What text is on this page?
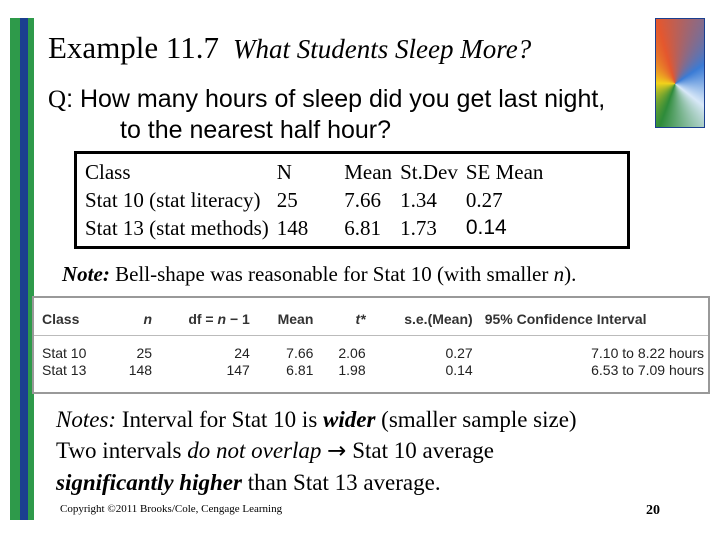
Example 11.7 What Students Sleep More?
Q: How many hours of sleep did you get last night,
to the nearest half hour?
Class	N	Mean	St.Dev	SE Mean
Stat 10 (stat literacy)	25	7.66	1.34	0.27
Stat 13 (stat methods)	148	6.81	1.73	0.14
Note: Bell-shape was reasonable for Stat 10 (with smaller n).
Class	n	df = n − 1	Mean	t*	s.e.(Mean)	95% Confidence Interval
Stat 10	25	24	7.66	2.06	0.27	7.10 to 8.22 hours
Stat 13	148	147	6.81	1.98	0.14	6.53 to 7.09 hours
Notes: Interval for Stat 10 is wider (smaller sample size)
Two intervals do not overlap → Stat 10 average
significantly higher than Stat 13 average.
Copyright ©2011 Brooks/Cole, Cengage Learning	20
